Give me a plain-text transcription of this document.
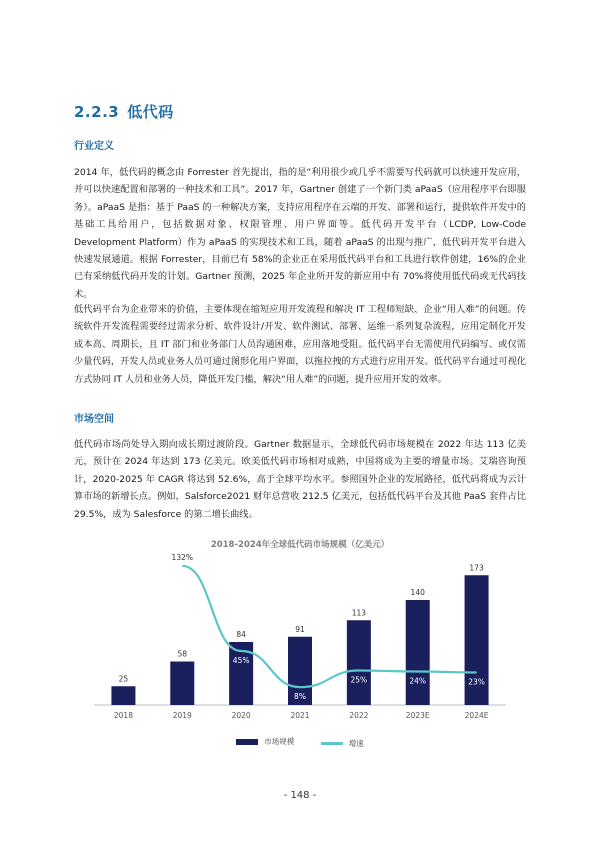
2.2.3 低代码
行业定义

2014 年，低代码的概念由 Forrester 首先提出，指的是“利用很少或几乎不需要写代码就可以快速开发应用，并可以快速配置和部署的一种技术和工具”。2017 年，Gartner 创建了一个新门类 aPaaS（应用程序平台即服务）。aPaaS 是指：基于 PaaS 的一种解决方案，支持应用程序在云端的开发、部署和运行，提供软件开发中的基础工具给用户，包括数据对象、权限管理、用户界面等。低代码开发平台（LCDP, Low-Code Development Platform）作为 aPaaS 的实现技术和工具，随着 aPaaS 的出现与推广，低代码开发平台进入快速发展通道。根据 Forrester，目前已有 58%的企业正在采用低代码平台和工具进行软件创建，16%的企业已有采纳低代码开发的计划。Gartner 预测，2025 年企业所开发的新应用中有 70%将使用低代码或无代码技术。

低代码平台为企业带来的价值，主要体现在缩短应用开发流程和解决 IT 工程师短缺、企业“用人难”的问题。传统软件开发流程需要经过需求分析、软件设计/开发、软件测试、部署、运维一系列复杂流程，应用定制化开发成本高、周期长，且 IT 部门和业务部门人员沟通困难，应用落地受阻。低代码平台无需使用代码编写、或仅需少量代码，开发人员或业务人员可通过图形化用户界面，以拖拉拽的方式进行应用开发。低代码平台通过可视化方式协同 IT 人员和业务人员，降低开发门槛，解决“用人难”的问题，提升应用开发的效率。

市场空间

低代码市场尚处导入期向成长期过渡阶段。Gartner 数据显示，全球低代码市场规模在 2022 年达 113 亿美元，预计在 2024 年达到 173 亿美元。欧美低代码市场相对成熟，中国将成为主要的增量市场。艾瑞咨询预计，2020-2025 年 CAGR 将达到 52.6%，高于全球平均水平。参照国外企业的发展路径，低代码将成为云计算市场的新增长点。例如，Salsforce2021 财年总营收 212.5 亿美元，包括低代码平台及其他 PaaS 套件占比 29.5%，成为 Salesforce 的第二增长曲线。

2018-2024年全球低代码市场规模（亿美元）
25
2018
58
2019
84
2020
91
2021
113
2022
140
2023E
173
2024E
132%
45%
8%
25%	24%	23%
市场规模
	增速
- 148 -
